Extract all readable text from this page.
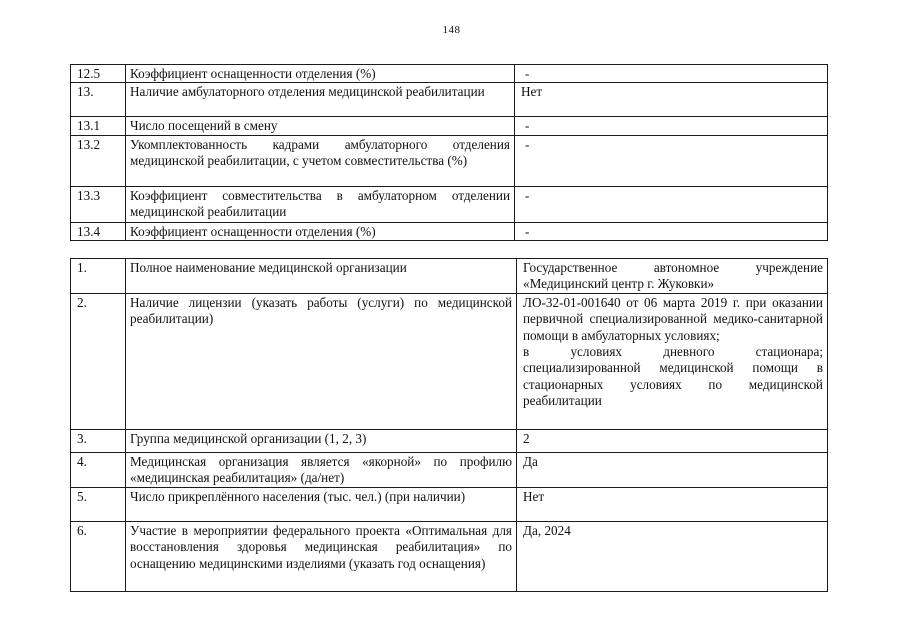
148
12.5	Коэффициент оснащенности отделения (%)	-
13.	Наличие амбулаторного отделения медицинской реабилитации	Нет
13.1	Число посещений в смену	-
13.2	Укомплектованность кадрами амбулаторного отделения медицинской реабилитации, с учетом совместительства (%)	-
13.3	Коэффициент совместительства в амбулаторном отделении медицинской реабилитации	-
13.4	Коэффициент оснащенности отделения (%)	-
1.	Полное наименование медицинской организации	Государственное автономное учреждение «Медицинский центр г. Жуковки»
2.	Наличие лицензии (указать работы (услуги) по медицинской реабилитации)	ЛО-32-01-001640 от 06 марта 2019 г. при оказании первичной специализированной медико-санитарной помощи в амбулаторных условиях;
в условиях дневного стационара; специализированной медицинской помощи в стационарных условиях по медицинской реабилитации
3.	Группа медицинской организации (1, 2, 3)	2
4.	Медицинская организация является «якорной» по профилю «медицинская реабилитация» (да/нет)	Да
5.	Число прикреплённого населения (тыс. чел.) (при наличии)	Нет
6.	Участие в мероприятии федерального проекта «Оптимальная для восстановления здоровья медицинская реабилитация» по оснащению медицинскими изделиями (указать год оснащения)	Да, 2024
